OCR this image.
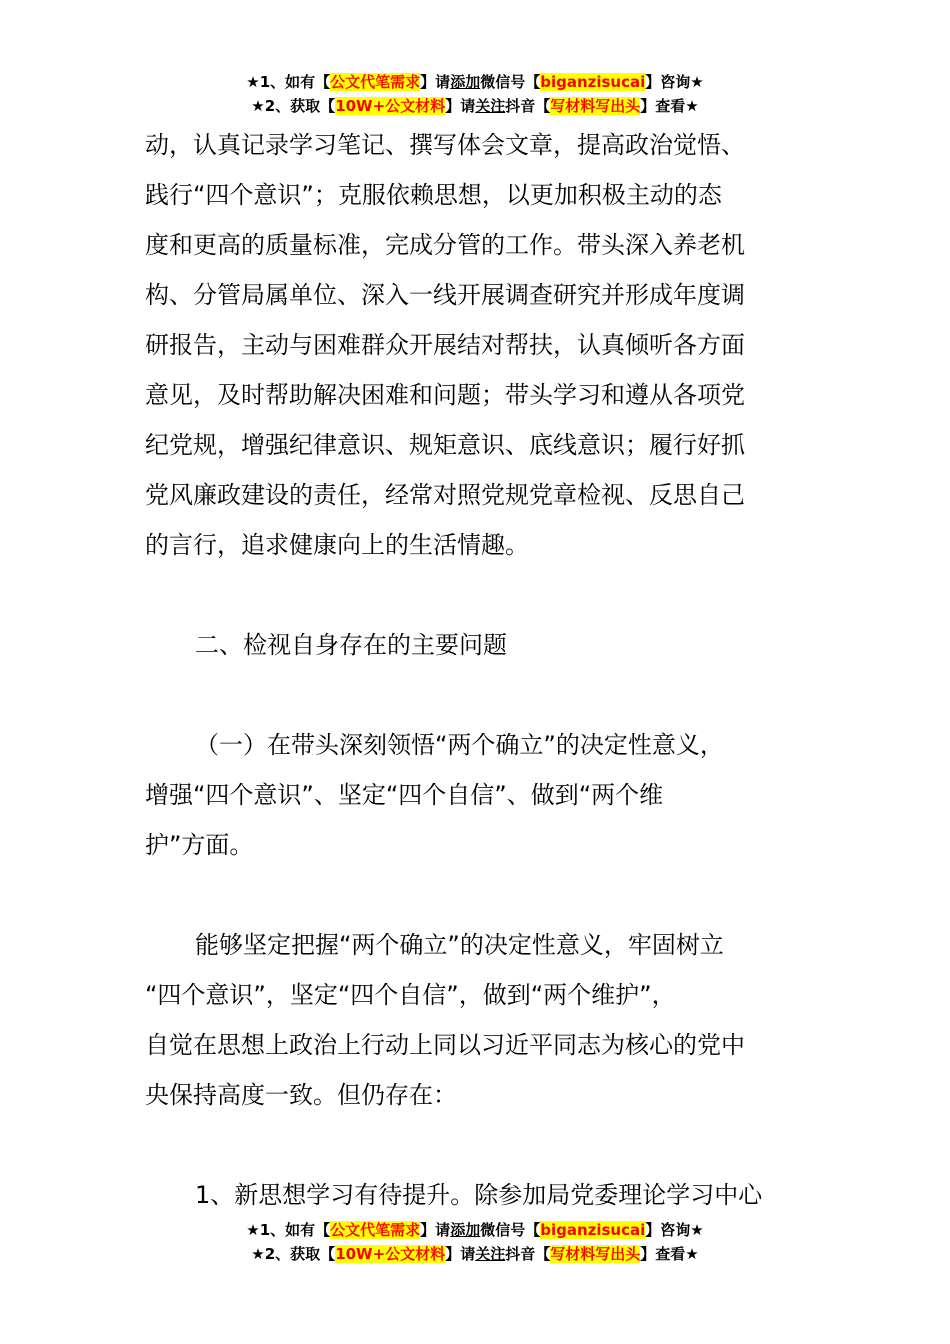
★1、如有【公文代笔需求】请添加微信号【biganzisucai】咨询★
★2、获取【10W+公文材料】请关注抖音【写材料写出头】查看★
动，认真记录学习笔记、撰写体会文章，提高政治觉悟、
践行“四个意识”；克服依赖思想，以更加积极主动的态
度和更高的质量标准，完成分管的工作。带头深入养老机
构、分管局属单位、深入一线开展调查研究并形成年度调
研报告，主动与困难群众开展结对帮扶，认真倾听各方面
意见，及时帮助解决困难和问题；带头学习和遵从各项党
纪党规，增强纪律意识、规矩意识、底线意识；履行好抓
党风廉政建设的责任，经常对照党规党章检视、反思自己
的言行，追求健康向上的生活情趣。
二、检视自身存在的主要问题
（一）在带头深刻领悟“两个确立”的决定性意义，
增强“四个意识”、坚定“四个自信”、做到“两个维
护”方面。
能够坚定把握“两个确立”的决定性意义，牢固树立
“四个意识”，坚定“四个自信”，做到“两个维护”，
自觉在思想上政治上行动上同以习近平同志为核心的党中
央保持高度一致。但仍存在：
1、新思想学习有待提升。除参加局党委理论学习中心
★1、如有【公文代笔需求】请添加微信号【biganzisucai】咨询★
★2、获取【10W+公文材料】请关注抖音【写材料写出头】查看★
